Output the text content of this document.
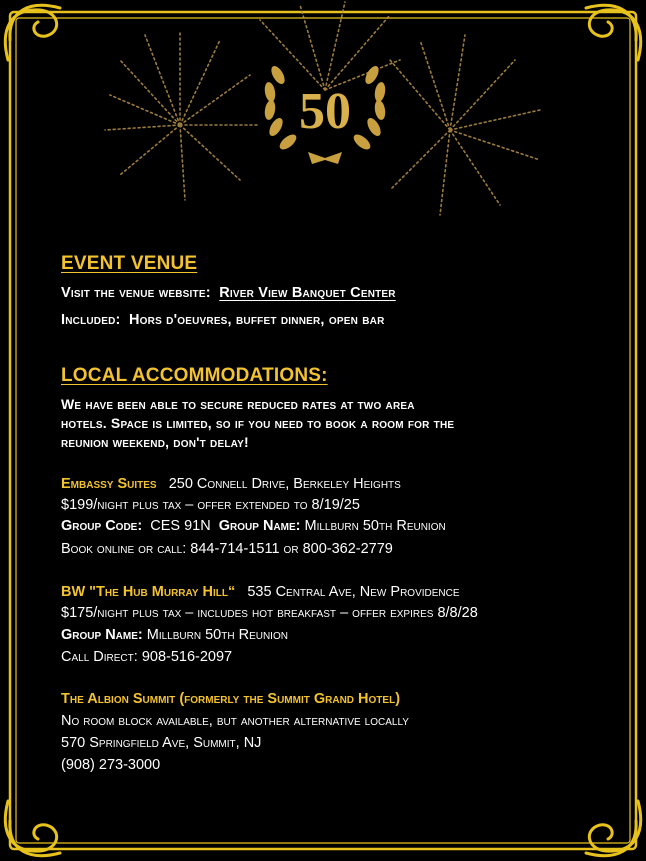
50
EVENT VENUE
Visit the venue website: River View Banquet Center
Included: Hors d'oeuvres, buffet dinner, open bar
LOCAL ACCOMMODATIONS:
We have been able to secure reduced rates at two area
hotels. Space is limited, so if you need to book a room for the
reunion weekend, don't delay!
Embassy Suites 250 Connell Drive, Berkeley Heights
$199/night plus tax – offer extended to 8/19/25
Group Code: CES 91N Group Name: Millburn 50th Reunion
Book online or call: 844-714-1511 or 800-362-2779
BW "The Hub Murray Hill“ 535 Central Ave, New Providence
$175/night plus tax – includes hot breakfast – offer expires 8/8/28
Group Name: Millburn 50th Reunion
Call Direct: 908-516-2097
The Albion Summit (formerly the Summit Grand Hotel)
No room block available, but another alternative locally
570 Springfield Ave, Summit, NJ
(908) 273-3000
